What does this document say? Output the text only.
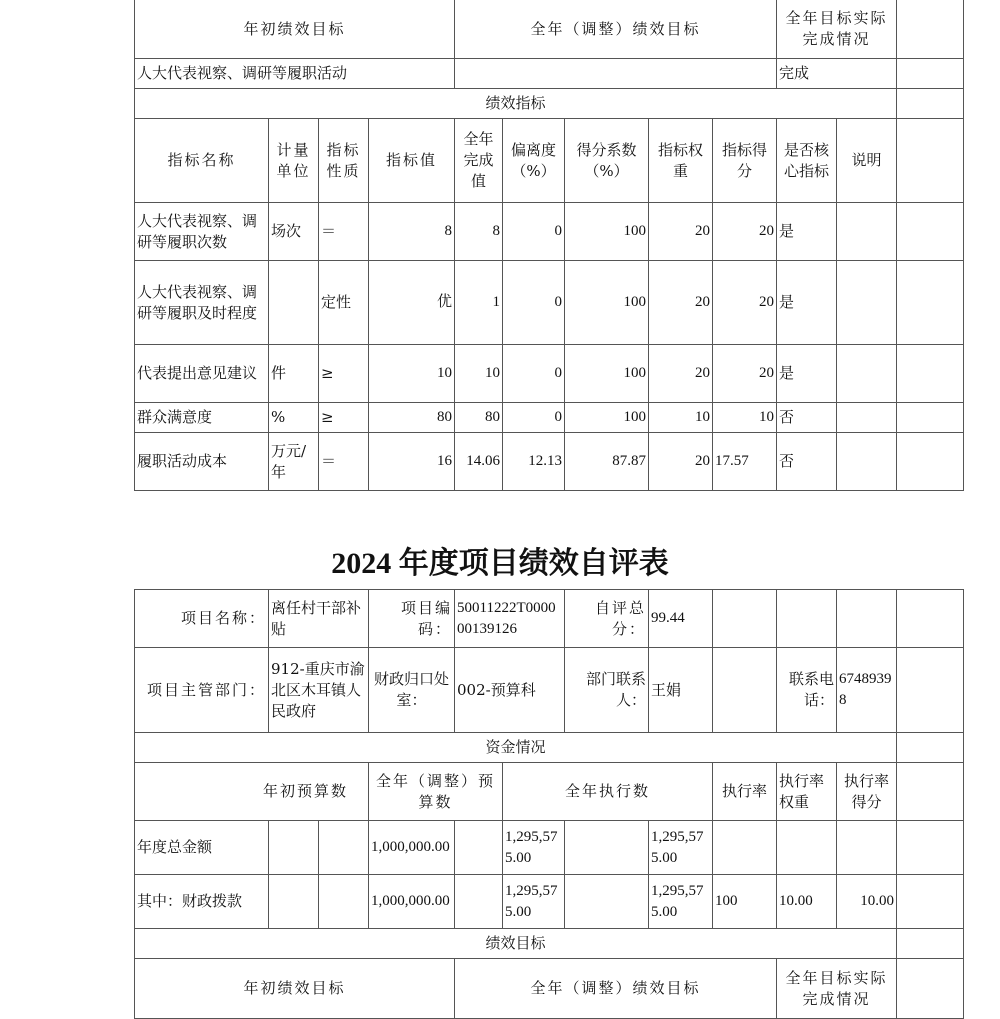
年初绩效目标				全年（调整）绩效目标					全年目标实际完成情况		
人大代表视察、调研等履职活动									完成		
绩效指标											
指标名称	计量单位	指标性质	指标值	全年完成值	偏离度（%）	得分系数（%）	指标权重	指标得分	是否核心指标	说明	
人大代表视察、调研等履职次数	场次	＝	8	8	0	100	20	20	是		
人大代表视察、调研等履职及时程度		定性	优	1	0	100	20	20	是		
代表提出意见建议	件	≥	10	10	0	100	20	20	是		
群众满意度	%	≥	80	80	0	100	10	10	否		
履职活动成本	万元/年	＝	16	14.06	12.13	87.87	20	17.57	否		
2024 年度项目绩效自评表
项目名称：	离任村干部补贴		项目编码：	50011222T000000139126		自评总分：	99.44				
项目主管部门：	912-重庆市渝北区木耳镇人民政府		财政归口处室：	002-预算科		部门联系人：	王娟		联系电话：	67489398	
资金情况											
年初预算数			全年（调整）预算数		全年执行数			执行率	执行率权重	执行率得分	
年度总金额			1,000,000.00		1,295,575.00		1,295,575.00				
其中：财政拨款			1,000,000.00		1,295,575.00		1,295,575.00	100	10.00	10.00	
绩效目标											
年初绩效目标				全年（调整）绩效目标					全年目标实际完成情况		
